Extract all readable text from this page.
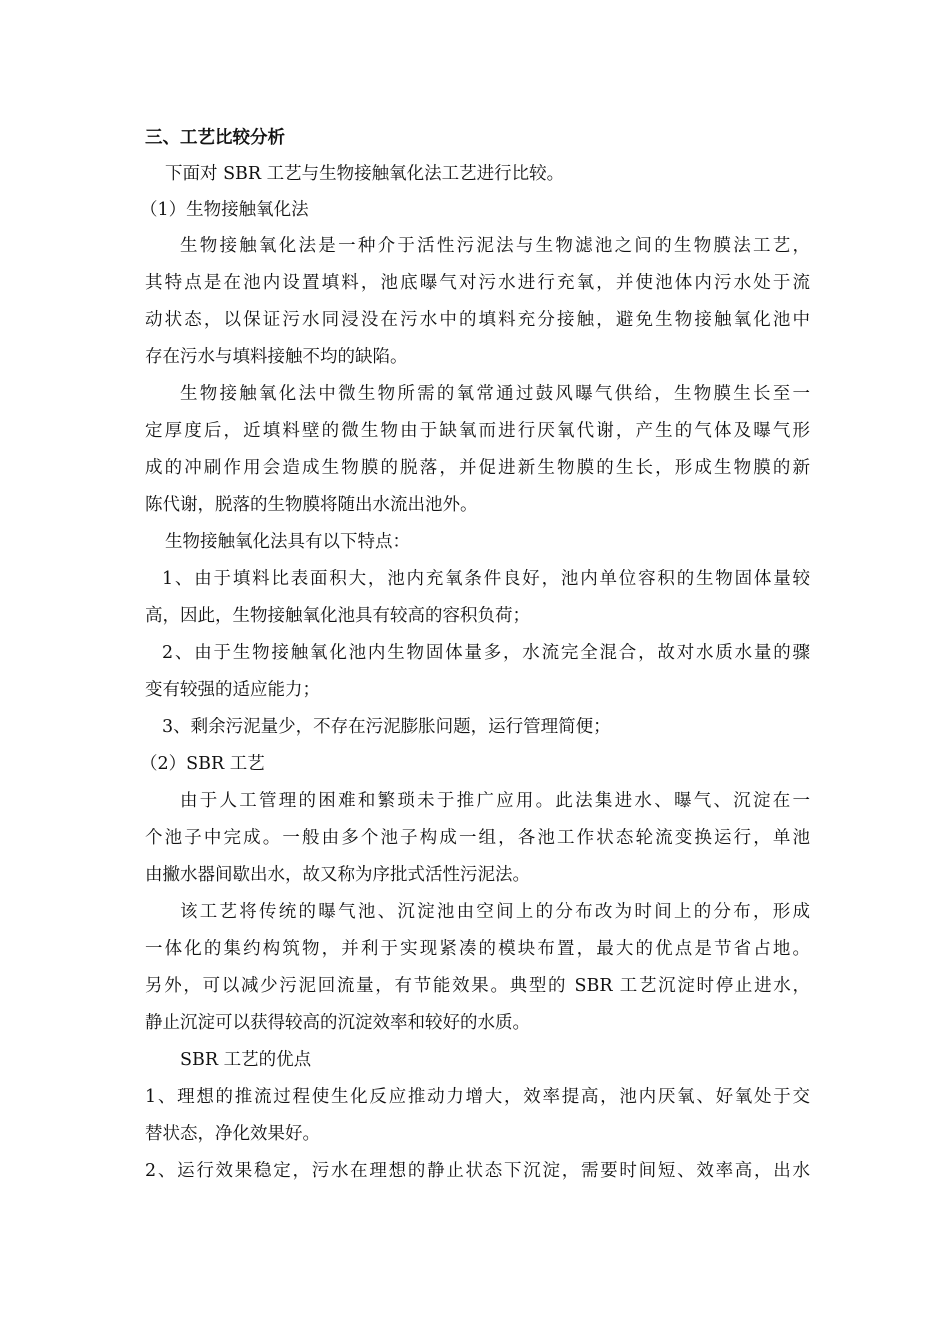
三、工艺比较分析
下面对 SBR 工艺与生物接触氧化法工艺进行比较。
（1）生物接触氧化法
生物接触氧化法是一种介于活性污泥法与生物滤池之间的生物膜法工艺，
其特点是在池内设置填料，池底曝气对污水进行充氧，并使池体内污水处于流
动状态，以保证污水同浸没在污水中的填料充分接触，避免生物接触氧化池中
存在污水与填料接触不均的缺陷。
生物接触氧化法中微生物所需的氧常通过鼓风曝气供给，生物膜生长至一
定厚度后，近填料壁的微生物由于缺氧而进行厌氧代谢，产生的气体及曝气形
成的冲刷作用会造成生物膜的脱落，并促进新生物膜的生长，形成生物膜的新
陈代谢，脱落的生物膜将随出水流出池外。
生物接触氧化法具有以下特点：
1、由于填料比表面积大，池内充氧条件良好，池内单位容积的生物固体量较
高，因此，生物接触氧化池具有较高的容积负荷；
2、由于生物接触氧化池内生物固体量多，水流完全混合，故对水质水量的骤
变有较强的适应能力；
3、剩余污泥量少，不存在污泥膨胀问题，运行管理简便；
（2）SBR 工艺
由于人工管理的困难和繁琐未于推广应用。此法集进水、曝气、沉淀在一
个池子中完成。一般由多个池子构成一组，各池工作状态轮流变换运行，单池
由撇水器间歇出水，故又称为序批式活性污泥法。
该工艺将传统的曝气池、沉淀池由空间上的分布改为时间上的分布，形成
一体化的集约构筑物，并利于实现紧凑的模块布置，最大的优点是节省占地。
另外，可以减少污泥回流量，有节能效果。典型的 SBR 工艺沉淀时停止进水，
静止沉淀可以获得较高的沉淀效率和较好的水质。
SBR 工艺的优点
1、理想的推流过程使生化反应推动力增大，效率提高，池内厌氧、好氧处于交
替状态，净化效果好。
2、运行效果稳定，污水在理想的静止状态下沉淀，需要时间短、效率高，出水
